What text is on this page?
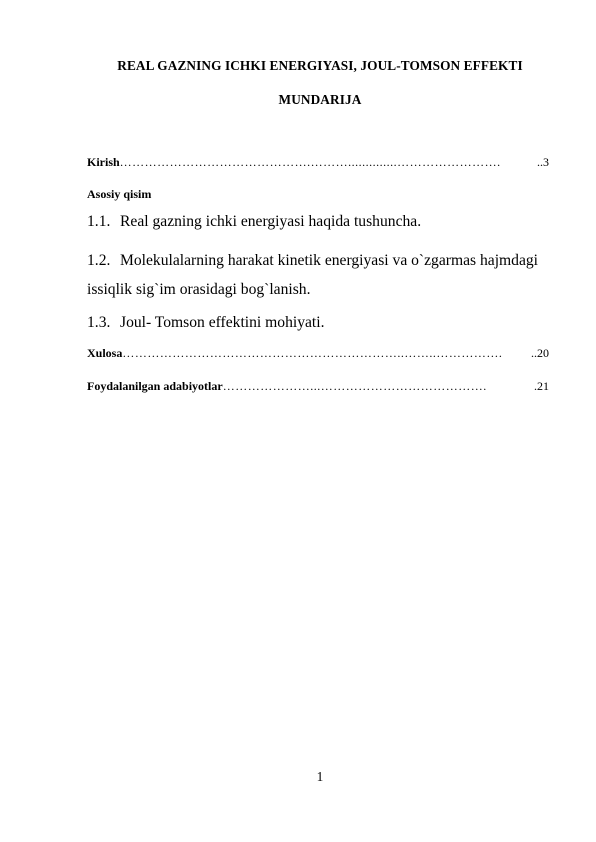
REAL GAZNING ICHKI ENERGIYASI, JOUL-TOMSON EFFEKTI
MUNDARIJA
Kirish ……………………………………….………..............…………………….	..3
Asosiy qisim
1.1. Real gazning ichki energiyasi haqida tushuncha.
1.2. Molekulalarning harakat kinetik energiyasi va o`zgarmas hajmdagi
issiqlik sig`im orasidagi bog`lanish.
1.3. Joul- Tomson effektini mohiyati.
Xulosa …………………………………………………………..……..…………….	..20
Foydalanilgan adabiyotlar …………………...………………………………….	.21
1
